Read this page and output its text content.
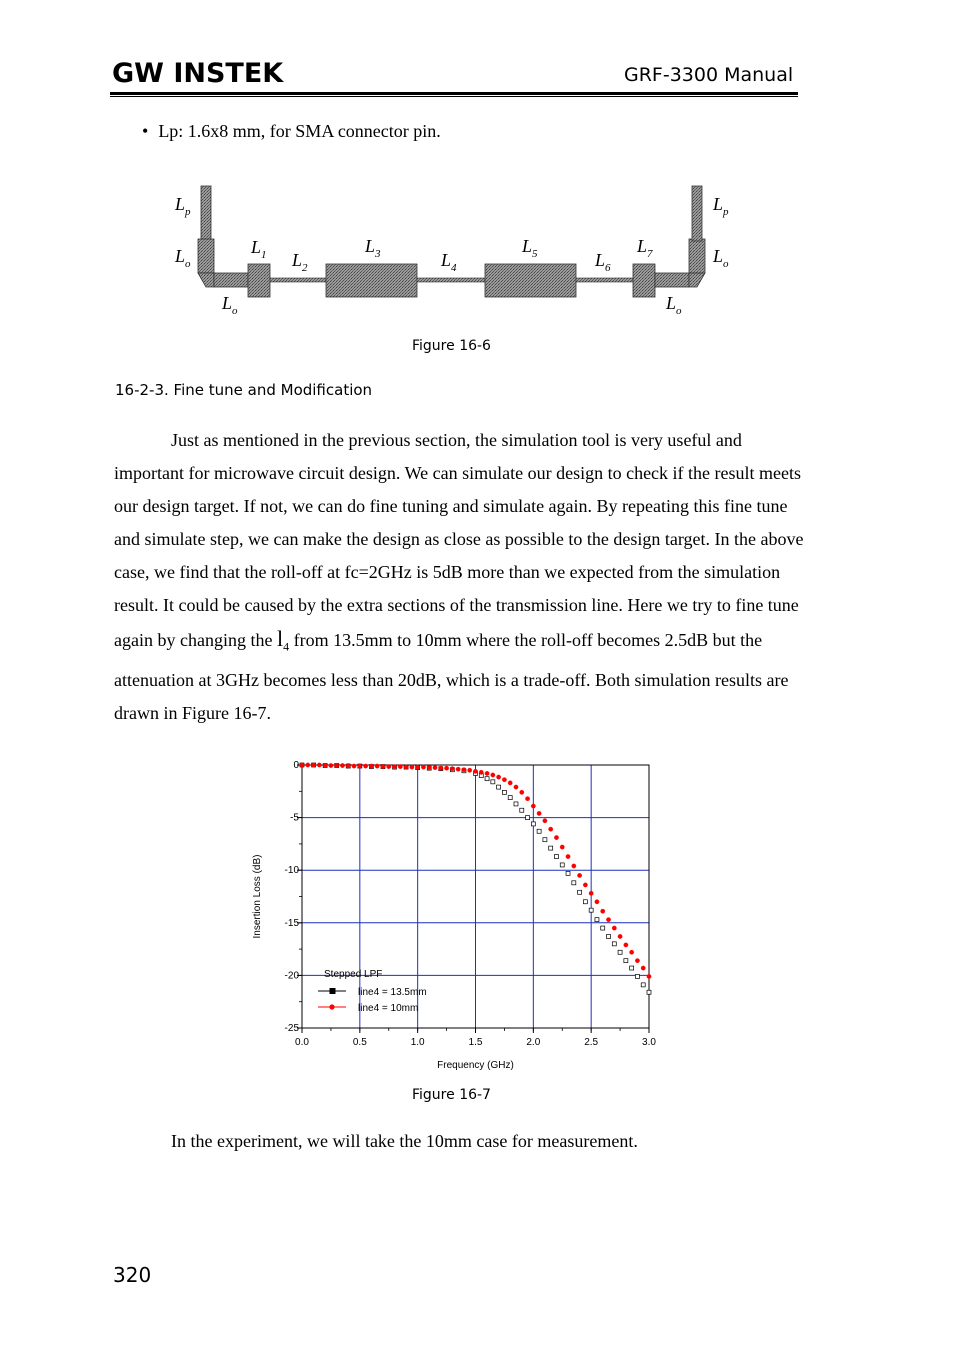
GW INSTEK	GRF-3300 Manual
• Lp: 1.6x8 mm, for SMA connector pin.
$L_p$
$L_o$
$L_o$
$L_1$ $L_2$
$L_3$	$L_4$
$L_5$	$L_6$
$L_7$
$L_p$
$L_o$
$L_o$
Figure 16-6
16-2-3. Fine tune and Modification

Just as mentioned in the previous section, the simulation tool is very useful and important for microwave circuit design. We can simulate our design to check if the result meets our design target. If not, we can do fine tuning and simulate again. By repeating this fine tune and simulate step, we can make the design as close as possible to the design target. In the above case, we find that the roll-off at fc=2GHz is 5dB more than we expected from the simulation result. It could be caused by the extra sections of the transmission line. Here we try to fine tune again by changing the $l_4$ from 13.5mm to 10mm where the roll-off becomes 2.5dB but the attenuation at 3GHz becomes less than 20dB, which is a trade-off. Both simulation results are drawn in Figure 16-7.

0.0	0.5	1.0	1.5	2.0	2.5	3.0
0
-5
-10
-15
-20
-25
Frequency (GHz)
Insertion Loss (dB)
Stepped LPF
line4 = 13.5mm
line4 = 10mm
Figure 16-7
In the experiment, we will take the 10mm case for measurement.
320
